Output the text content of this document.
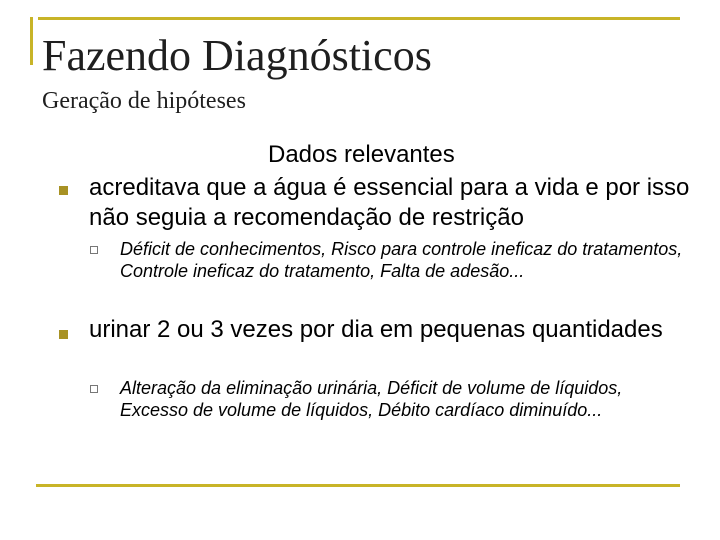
Fazendo Diagnósticos
Geração de hipóteses
Dados relevantes
acreditava que a água é essencial para a vida e por isso não seguia a recomendação de restrição
Déficit de conhecimentos, Risco para controle ineficaz do tratamentos, Controle ineficaz do tratamento, Falta de adesão...
urinar 2 ou 3 vezes por dia em pequenas quantidades
Alteração da eliminação urinária, Déficit de volume de líquidos, Excesso de volume de líquidos, Débito cardíaco diminuído...
